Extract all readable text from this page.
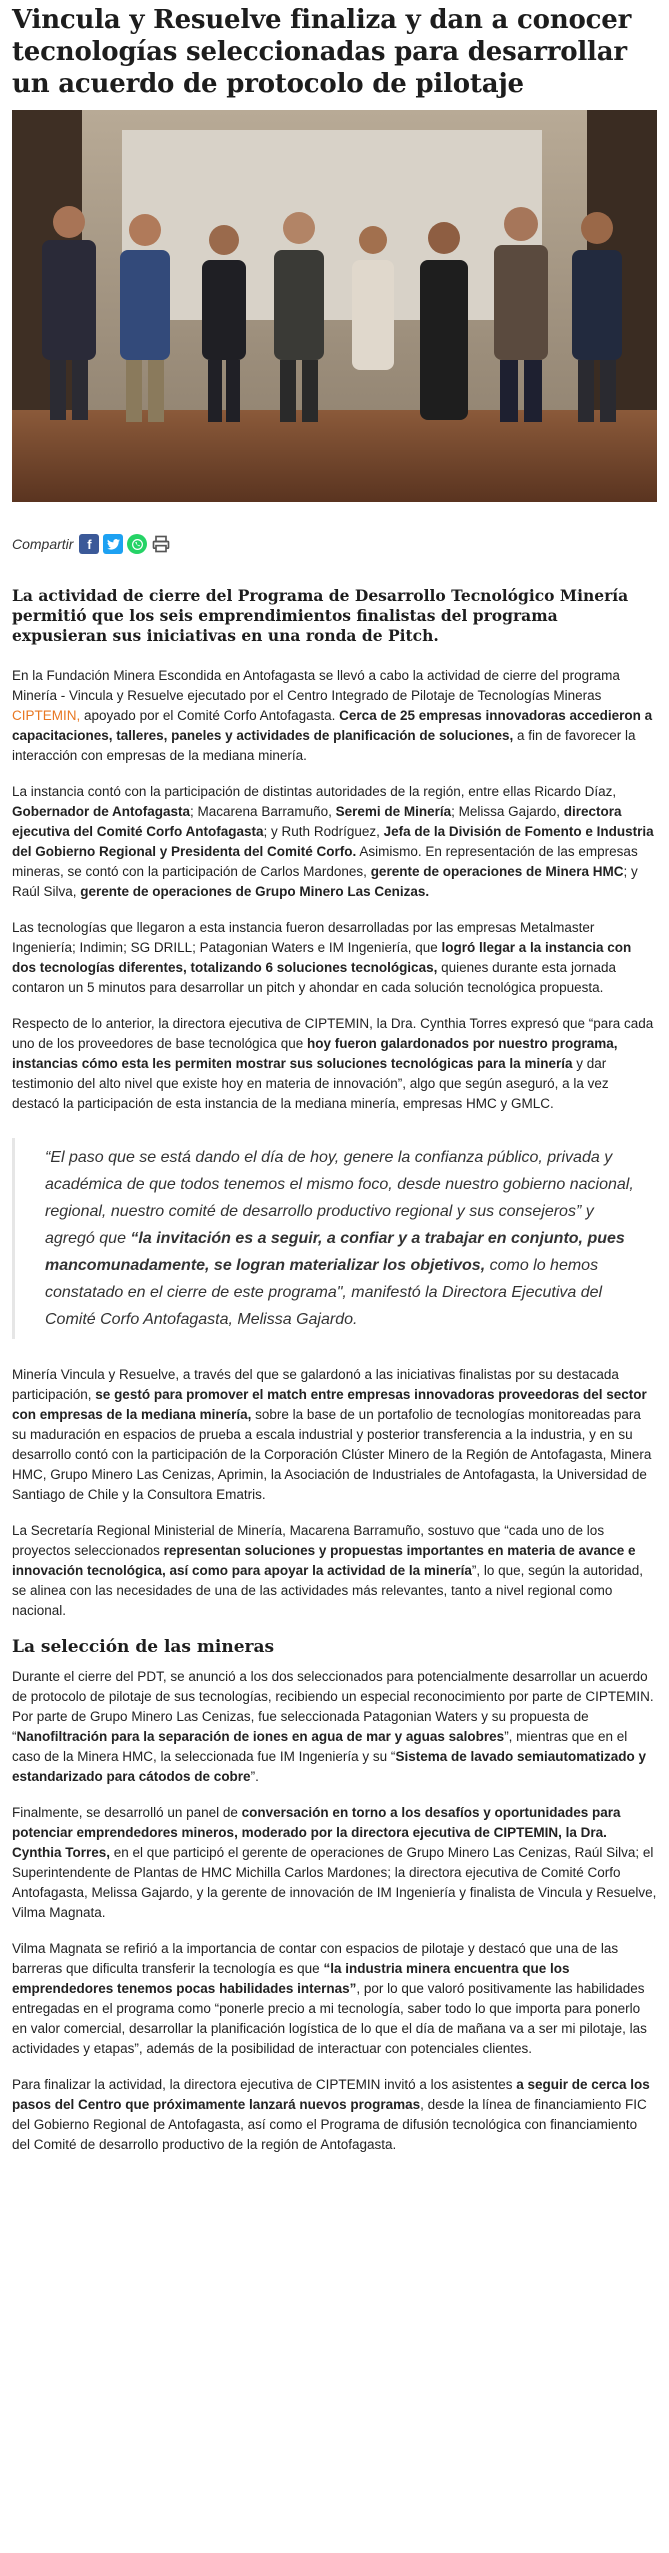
Vincula y Resuelve finaliza y dan a conocer tecnologías seleccionadas para desarrollar un acuerdo de protocolo de pilotaje
Compartir	f
La actividad de cierre del Programa de Desarrollo Tecnológico Minería permitió que los seis emprendimientos finalistas del programa expusieran sus iniciativas en una ronda de Pitch.

En la Fundación Minera Escondida en Antofagasta se llevó a cabo la actividad de cierre del programa Minería - Vincula y Resuelve ejecutado por el Centro Integrado de Pilotaje de Tecnologías Mineras CIPTEMIN, apoyado por el Comité Corfo Antofagasta. Cerca de 25 empresas innovadoras accedieron a capacitaciones, talleres, paneles y actividades de planificación de soluciones, a fin de favorecer la interacción con empresas de la mediana minería.

La instancia contó con la participación de distintas autoridades de la región, entre ellas Ricardo Díaz, Gobernador de Antofagasta; Macarena Barramuño, Seremi de Minería; Melissa Gajardo, directora ejecutiva del Comité Corfo Antofagasta; y Ruth Rodríguez, Jefa de la División de Fomento e Industria del Gobierno Regional y Presidenta del Comité Corfo. Asimismo. En representación de las empresas mineras, se contó con la participación de Carlos Mardones, gerente de operaciones de Minera HMC; y Raúl Silva, gerente de operaciones de Grupo Minero Las Cenizas.

Las tecnologías que llegaron a esta instancia fueron desarrolladas por las empresas Metalmaster Ingeniería; Indimin; SG DRILL; Patagonian Waters e IM Ingeniería, que logró llegar a la instancia con dos tecnologías diferentes, totalizando 6 soluciones tecnológicas, quienes durante esta jornada contaron un 5 minutos para desarrollar un pitch y ahondar en cada solución tecnológica propuesta.

Respecto de lo anterior, la directora ejecutiva de CIPTEMIN, la Dra. Cynthia Torres expresó que “para cada uno de los proveedores de base tecnológica que hoy fueron galardonados por nuestro programa, instancias cómo esta les permiten mostrar sus soluciones tecnológicas para la minería y dar testimonio del alto nivel que existe hoy en materia de innovación”, algo que según aseguró, a la vez destacó la participación de esta instancia de la mediana minería, empresas HMC y GMLC.

“El paso que se está dando el día de hoy, genere la confianza público, privada y académica de que todos tenemos el mismo foco, desde nuestro gobierno nacional, regional, nuestro comité de desarrollo productivo regional y sus consejeros” y agregó que “la invitación es a seguir, a confiar y a trabajar en conjunto, pues mancomunadamente, se logran materializar los objetivos, como lo hemos constatado en el cierre de este programa", manifestó la Directora Ejecutiva del Comité Corfo Antofagasta, Melissa Gajardo.

Minería Vincula y Resuelve, a través del que se galardonó a las iniciativas finalistas por su destacada participación, se gestó para promover el match entre empresas innovadoras proveedoras del sector con empresas de la mediana minería, sobre la base de un portafolio de tecnologías monitoreadas para su maduración en espacios de prueba a escala industrial y posterior transferencia a la industria, y en su desarrollo contó con la participación de la Corporación Clúster Minero de la Región de Antofagasta, Minera HMC, Grupo Minero Las Cenizas, Aprimin, la Asociación de Industriales de Antofagasta, la Universidad de Santiago de Chile y la Consultora Ematris.

La Secretaría Regional Ministerial de Minería, Macarena Barramuño, sostuvo que “cada uno de los proyectos seleccionados representan soluciones y propuestas importantes en materia de avance e innovación tecnológica, así como para apoyar la actividad de la minería”, lo que, según la autoridad, se alinea con las necesidades de una de las actividades más relevantes, tanto a nivel regional como nacional.

La selección de las mineras

Durante el cierre del PDT, se anunció a los dos seleccionados para potencialmente desarrollar un acuerdo de protocolo de pilotaje de sus tecnologías, recibiendo un especial reconocimiento por parte de CIPTEMIN. Por parte de Grupo Minero Las Cenizas, fue seleccionada Patagonian Waters y su propuesta de “Nanofiltración para la separación de iones en agua de mar y aguas salobres”, mientras que en el caso de la Minera HMC, la seleccionada fue IM Ingeniería y su “Sistema de lavado semiautomatizado y estandarizado para cátodos de cobre”.

Finalmente, se desarrolló un panel de conversación en torno a los desafíos y oportunidades para potenciar emprendedores mineros, moderado por la directora ejecutiva de CIPTEMIN, la Dra. Cynthia Torres, en el que participó el gerente de operaciones de Grupo Minero Las Cenizas, Raúl Silva; el Superintendente de Plantas de HMC Michilla Carlos Mardones; la directora ejecutiva de Comité Corfo Antofagasta, Melissa Gajardo, y la gerente de innovación de IM Ingeniería y finalista de Vincula y Resuelve, Vilma Magnata.

Vilma Magnata se refirió a la importancia de contar con espacios de pilotaje y destacó que una de las barreras que dificulta transferir la tecnología es que “la industria minera encuentra que los emprendedores tenemos pocas habilidades internas”, por lo que valoró positivamente las habilidades entregadas en el programa como “ponerle precio a mi tecnología, saber todo lo que importa para ponerlo en valor comercial, desarrollar la planificación logística de lo que el día de mañana va a ser mi pilotaje, las actividades y etapas”, además de la posibilidad de interactuar con potenciales clientes.

Para finalizar la actividad, la directora ejecutiva de CIPTEMIN invitó a los asistentes a seguir de cerca los pasos del Centro que próximamente lanzará nuevos programas, desde la línea de financiamiento FIC del Gobierno Regional de Antofagasta, así como el Programa de difusión tecnológica con financiamiento del Comité de desarrollo productivo de la región de Antofagasta.
